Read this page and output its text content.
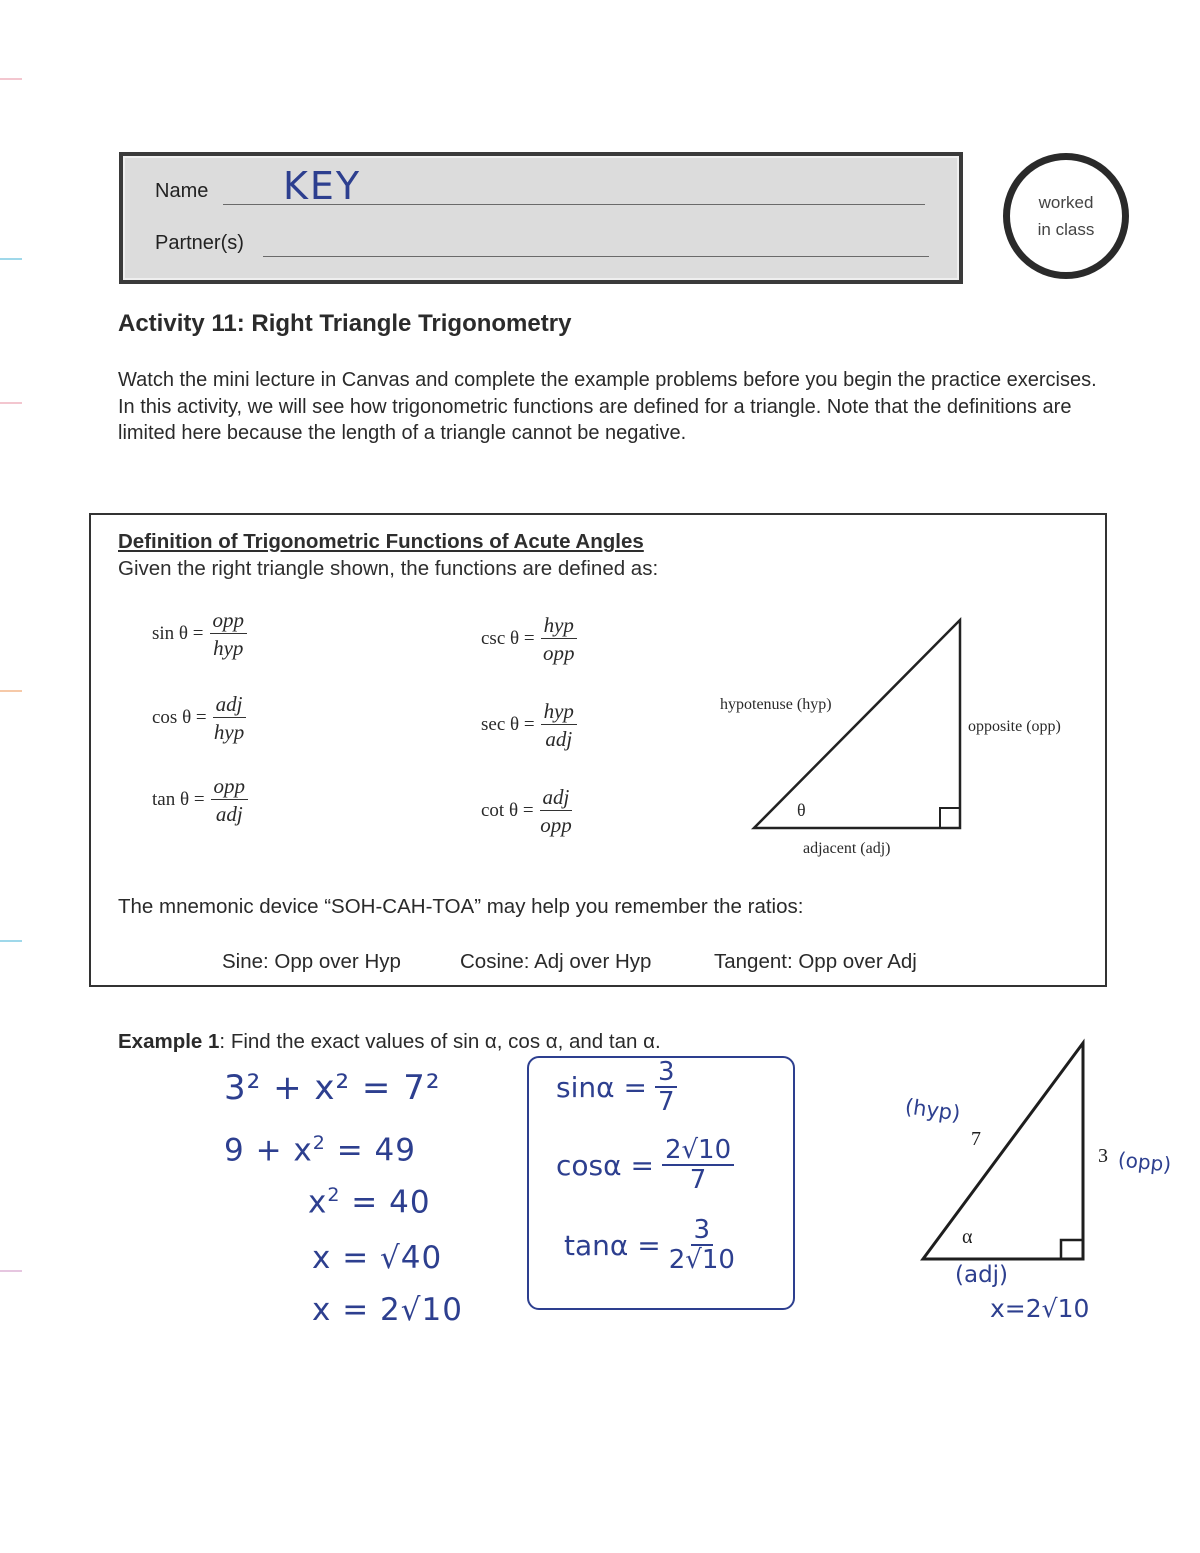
Name KEY
Partner(s)
worked
in class
Activity 11: Right Triangle Trigonometry
Watch the mini lecture in Canvas and complete the example problems before you begin the practice exercises. In this activity, we will see how trigonometric functions are defined for a triangle. Note that the definitions are limited here because the length of a triangle cannot be negative.
Definition of Trigonometric Functions of Acute Angles
Given the right triangle shown, the functions are defined as:
$\sin \theta = \frac{\text{opp}}{\text{hyp}}$
$\cos \theta = \frac{\text{adj}}{\text{hyp}}$
$\tan \theta = \frac{\text{opp}}{\text{adj}}$
$\csc \theta = \frac{\text{hyp}}{\text{opp}}$
$\sec \theta = \frac{\text{hyp}}{\text{adj}}$
$\cot \theta = \frac{\text{adj}}{\text{opp}}$
hypotenuse (hyp)
opposite (opp)
adjacent (adj)
θ
The mnemonic device “SOH-CAH-TOA” may help you remember the ratios:
Sine: Opp over Hyp	Cosine: Adj over Hyp	Tangent: Opp over Adj
Example 1: Find the exact values of sin α, cos α, and tan α.
3² + x² = 7²
$9 + x^2 = 49$
$x^2 = 40$
x = √40
x = 2√10
$\sin\alpha = \frac{3}{7}$
$\cos\alpha = \frac{2√10}{7}$
$\tan\alpha = \frac{3}{2√10}$
(hyp)
7
3 (opp)
α
(adj)
x=2√10
